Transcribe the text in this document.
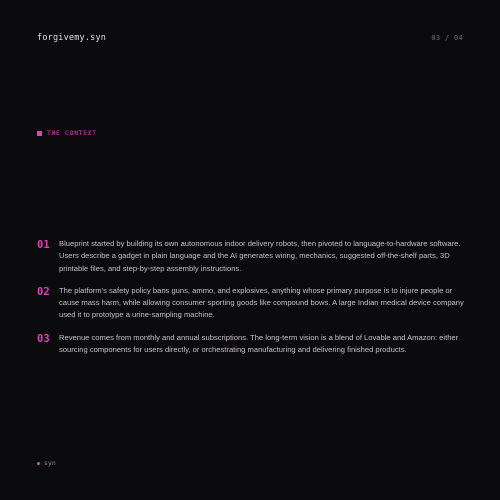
forgivemy.syn	03 / 04
THE CONTEXT
01	Blueprint started by building its own autonomous indoor delivery robots, then pivoted to language-to-hardware software. Users describe a gadget in plain language and the AI generates wiring, mechanics, suggested off-the-shelf parts, 3D printable files, and step-by-step assembly instructions.
02	The platform's safety policy bans guns, ammo, and explosives, anything whose primary purpose is to injure people or cause mass harm, while allowing consumer sporting goods like compound bows. A large Indian medical device company used it to prototype a urine-sampling machine.
03	Revenue comes from monthly and annual subscriptions. The long-term vision is a blend of Lovable and Amazon: either sourcing components for users directly, or orchestrating manufacturing and delivering finished products.
syn
